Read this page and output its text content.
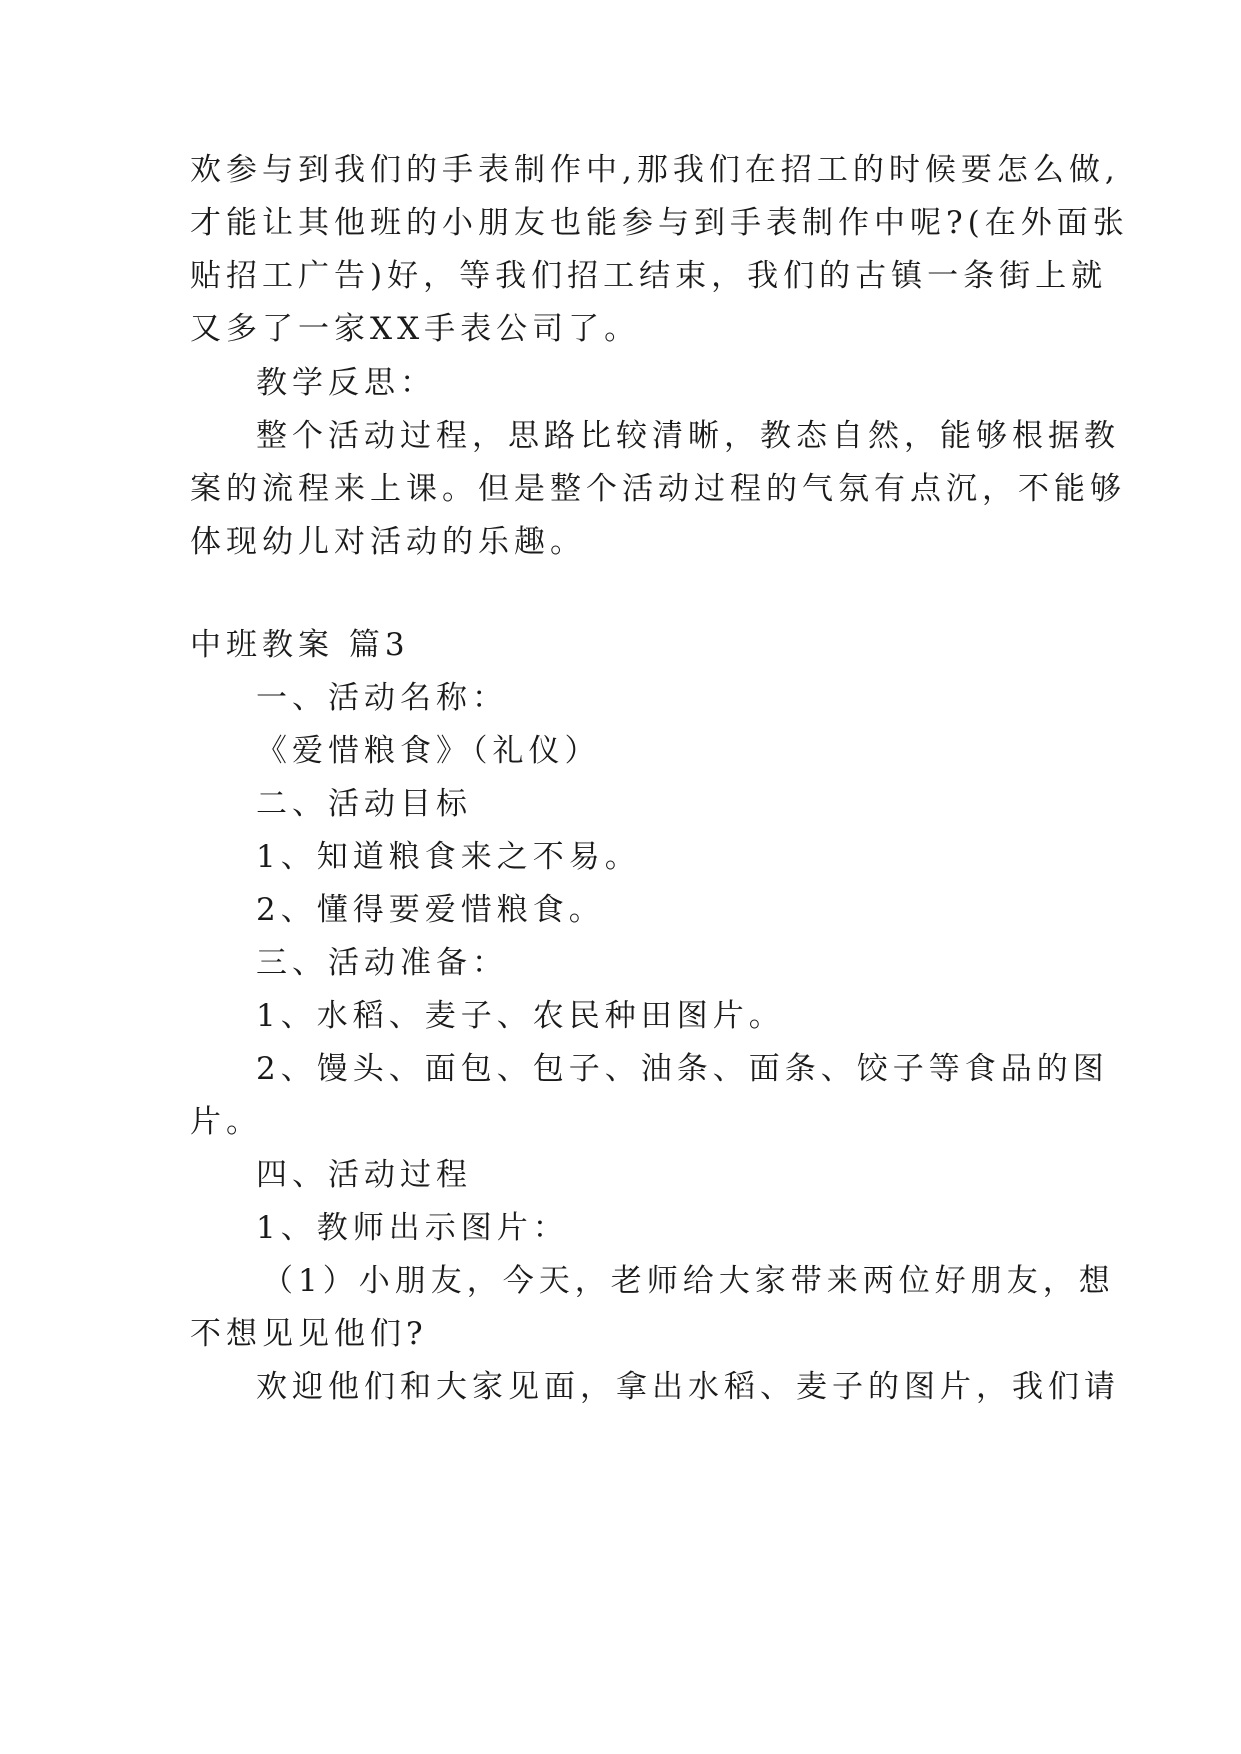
欢参与到我们的手表制作中,那我们在招工的时候要怎么做,
才能让其他班的小朋友也能参与到手表制作中呢?(在外面张
贴招工广告)好，等我们招工结束，我们的古镇一条街上就
又多了一家XX手表公司了。
教学反思：
整个活动过程，思路比较清晰，教态自然，能够根据教
案的流程来上课。但是整个活动过程的气氛有点沉，不能够
体现幼儿对活动的乐趣。
中班教案 篇3
一、活动名称：
《爱惜粮食》（礼仪）
二、活动目标
1、知道粮食来之不易。
2、懂得要爱惜粮食。
三、活动准备：
1、水稻、麦子、农民种田图片。
2、馒头、面包、包子、油条、面条、饺子等食品的图
片。
四、活动过程
1、教师出示图片：
（1）小朋友，今天，老师给大家带来两位好朋友，想
不想见见他们?
欢迎他们和大家见面，拿出水稻、麦子的图片，我们请
